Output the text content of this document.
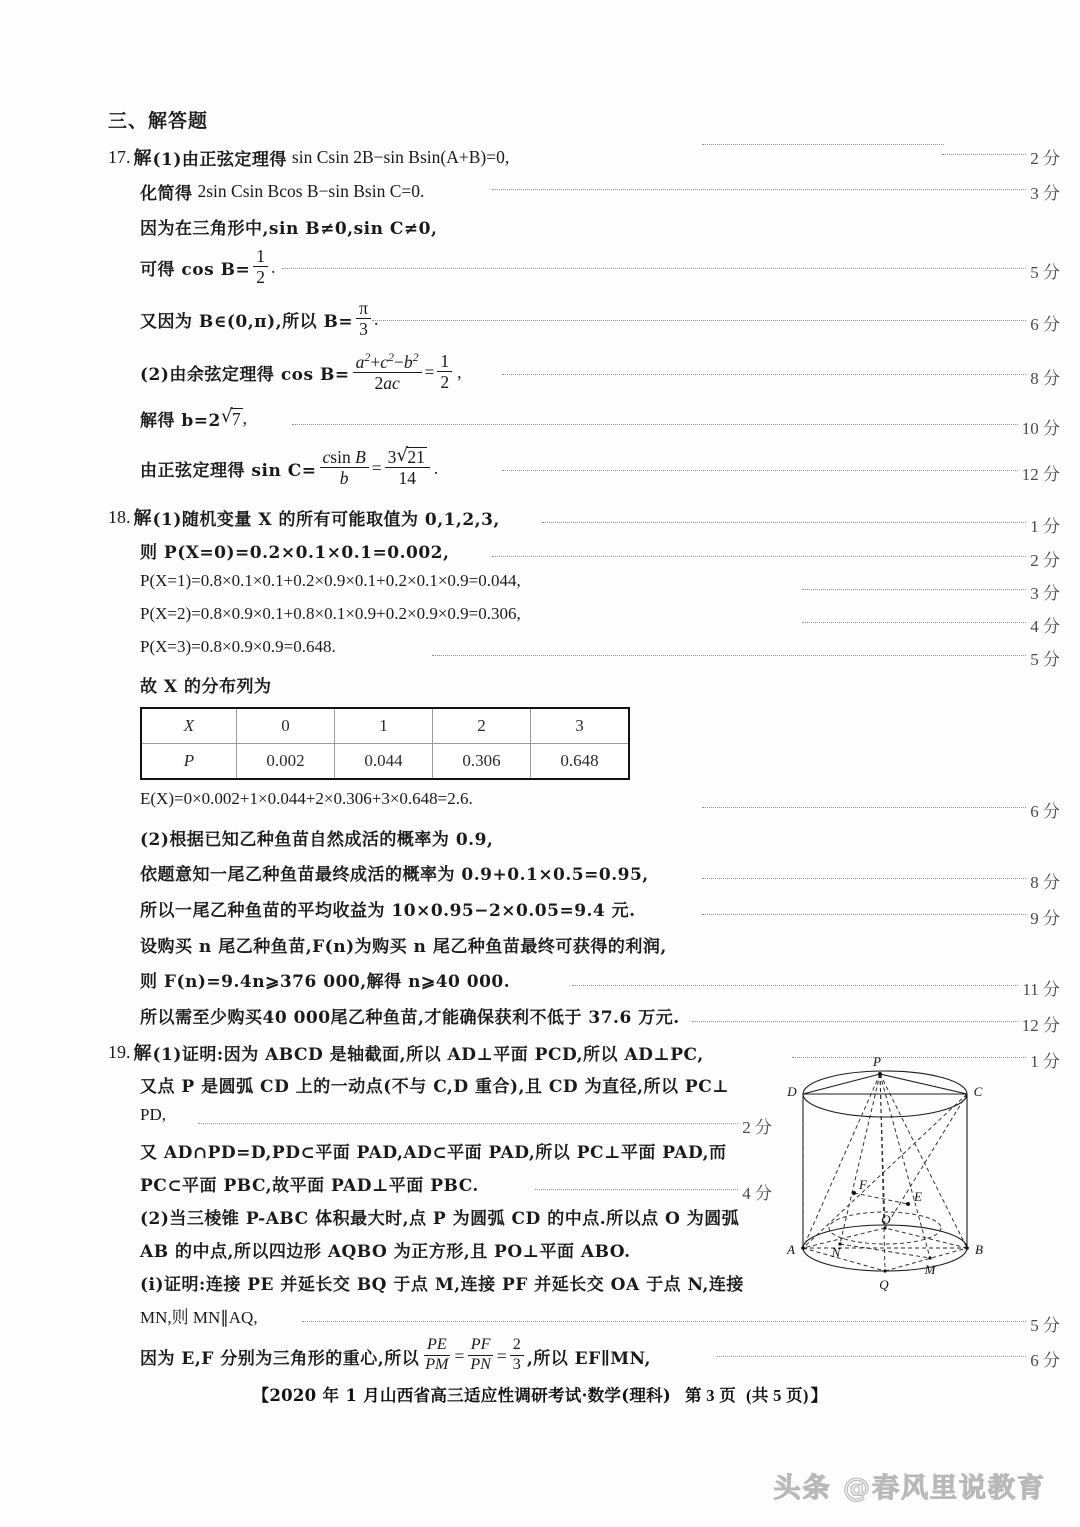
三、解答题
17. 解 (1)由正弦定理得 sin Csin 2B−sin Bsin(A+B)=0,	2 分
化简得 2sin Csin Bcos B−sin Bsin C=0.	3 分
因为在三角形中,sin B≠0,sin C≠0,
可得 $\cos B= \frac{1}{2}$ .	5 分
又因为 B∈(0,π),所以 $B= \frac{\pi}{3}$ .	6 分
(2)由余弦定理得 $\cos B= \frac{a^2+c^2-b^2}{2ac} = \frac{1}{2}$ ,	8 分
解得 b=2 √ 7 ,
10 分
由正弦定理得 $\sin C= \frac{\text{csin B}}{b} = \frac{3 √ 21}{14}$ .	12 分
18. 解 (1)随机变量 X 的所有可能取值为 0,1,2,3,	1 分
则 P(X=0)=0.2×0.1×0.1=0.002,	2 分
P(X=1)=0.8×0.1×0.1+0.2×0.9×0.1+0.2×0.1×0.9=0.044,
3 分
P(X=2)=0.8×0.9×0.1+0.8×0.1×0.9+0.2×0.9×0.9=0.306,
4 分
P(X=3)=0.8×0.9×0.9=0.648.
5 分
故 X 的分布列为
X	0	1	2	3
P	0.002	0.044	0.306	0.648
E(X)=0×0.002+1×0.044+2×0.306+3×0.648=2.6.
6 分
(2)根据已知乙种鱼苗自然成活的概率为 0.9,
依题意知一尾乙种鱼苗最终成活的概率为 0.9+0.1×0.5=0.95,	8 分
所以一尾乙种鱼苗的平均收益为 10×0.95−2×0.05=9.4 元.	9 分
设购买 n 尾乙种鱼苗,F(n)为购买 n 尾乙种鱼苗最终可获得的利润,
则 F(n)=9.4n⩾376 000,解得 n⩾40 000.	11 分
所以需至少购买40 000尾乙种鱼苗,才能确保获利不低于 37.6 万元.	12 分
19. 解 (1)证明:因为 ABCD 是轴截面,所以 AD⊥平面 PCD,所以 AD⊥PC,	1 分
又点 P 是圆弧 CD 上的一动点(不与 C,D 重合),且 CD 为直径,所以 PC⊥
PD,
2 分
又 AD∩PD=D,PD⊂平面 PAD,AD⊂平面 PAD,所以 PC⊥平面 PAD,而
PC⊂平面 PBC,故平面 PAD⊥平面 PBC.	4 分
(2)当三棱锥 P-ABC 体积最大时,点 P 为圆弧 CD 的中点.所以点 O 为圆弧
AB 的中点,所以四边形 AQBO 为正方形,且 PO⊥平面 ABO.
(i)证明:连接 PE 并延长交 BQ 于点 M,连接 PF 并延长交 OA 于点 N,连接
MN,则 MN∥AQ,	5 分
因为 E,F 分别为三角形的重心,所以 $\frac{PE}{PM} = \frac{PF}{PN} = \frac{2}{3}$ ,所以 EF∥MN,	6 分
P
D	C
F
E
O
A	N	B
M
Q
【2020 年 1 月山西省高三适应性调研考试·数学(理科) 第 3 页 (共 5 页) 】
头条 @春风里说教育
